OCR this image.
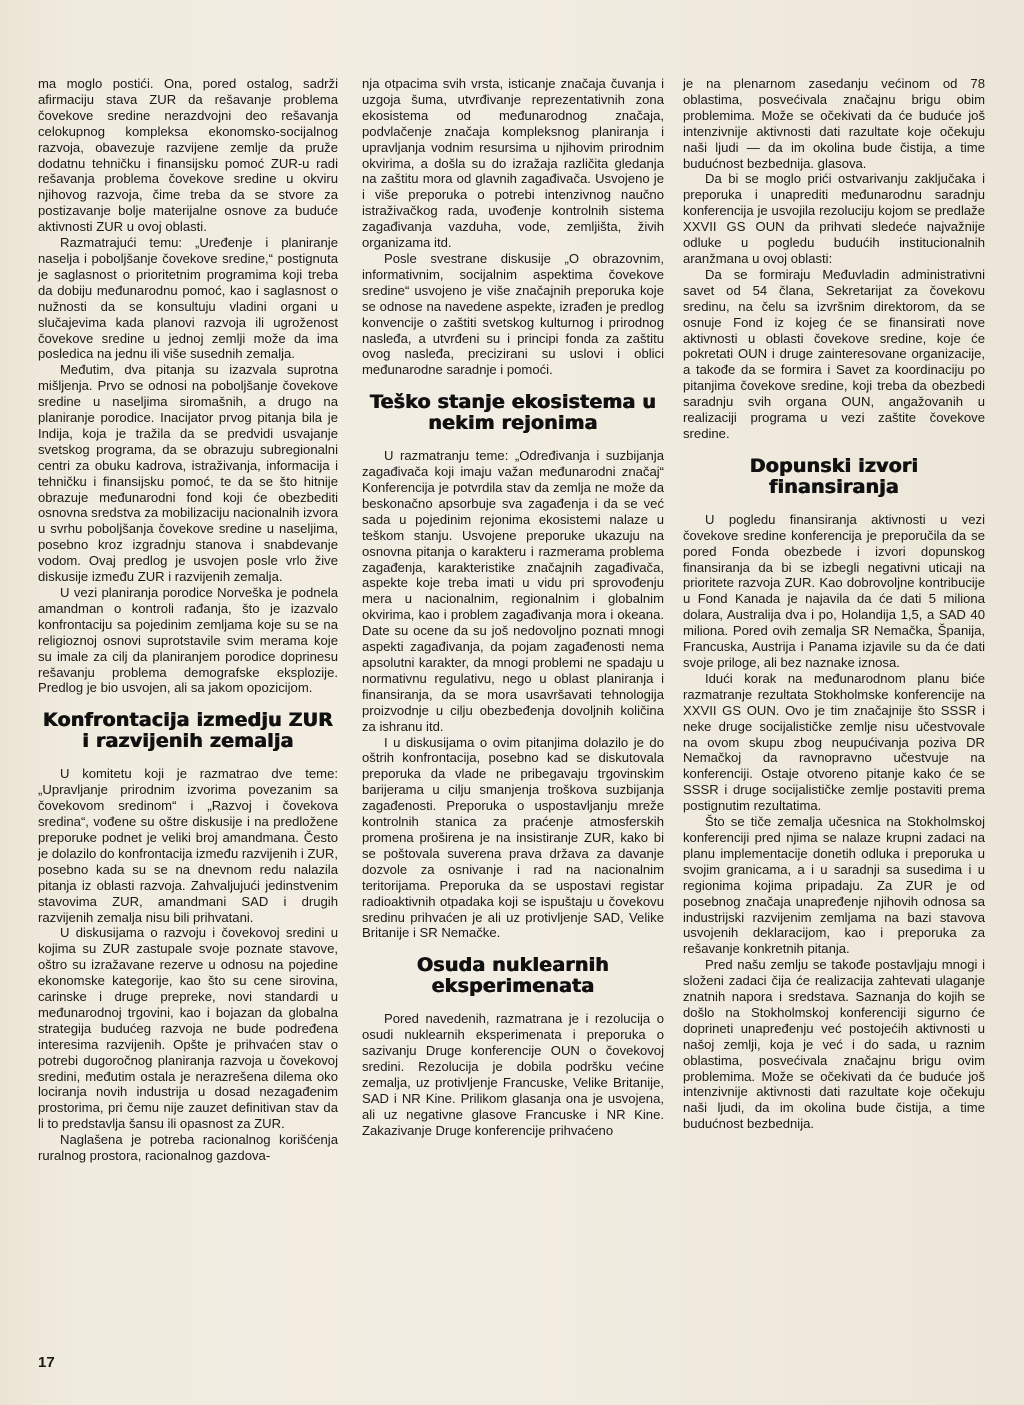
ma moglo postići. Ona, pored ostalog, sadrži afirmaciju stava ZUR da rešavanje problema čovekove sredine nerazdvojni deo rešavanja celokupnog kompleksa ekonomsko-socijalnog razvoja, obavezuje razvijene zemlje da pruže dodatnu tehničku i finansijsku pomoć ZUR-u radi rešavanja problema čovekove sredine u okviru njihovog razvoja, čime treba da se stvore za postizavanje bolje materijalne osnove za buduće aktivnosti ZUR u ovoj oblasti.

Razmatrajući temu: „Uređenje i planiranje naselja i poboljšanje čovekove sredine,“ postignuta je saglasnost o prioritetnim programima koji treba da dobiju međunarodnu pomoć, kao i saglasnost o nužnosti da se konsultuju vladini organi u slučajevima kada planovi razvoja ili ugroženost čovekove sredine u jednoj zemlji može da ima posledica na jednu ili više susednih zemalja.

Međutim, dva pitanja su izazvala suprotna mišljenja. Prvo se odnosi na poboljšanje čovekove sredine u naseljima siromašnih, a drugo na planiranje porodice. Inacijator prvog pitanja bila je Indija, koja je tražila da se predvidi usvajanje svetskog programa, da se obrazuju subregionalni centri za obuku kadrova, istraživanja, informacija i tehničku i finansijsku pomoć, te da se što hitnije obrazuje međunarodni fond koji će obezbediti osnovna sredstva za mobilizaciju nacionalnih izvora u svrhu poboljšanja čovekove sredine u naseljima, posebno kroz izgradnju stanova i snabdevanje vodom. Ovaj predlog je usvojen posle vrlo žive diskusije između ZUR i razvijenih zemalja.

U vezi planiranja porodice Norveška je podnela amandman o kontroli rađanja, što je izazvalo konfrontaciju sa pojedinim zemljama koje su se na religioznoj osnovi suprotstavile svim merama koje su imale za cilj da planiranjem porodice doprinesu rešavanju problema demografske eksplozije. Predlog je bio usvojen, ali sa jakom opozicijom.

Konfrontacija izmedju ZUR i razvijenih zemalja

U komitetu koji je razmatrao dve teme: „Upravljanje prirodnim izvorima povezanim sa čovekovom sredinom“ i „Razvoj i čovekova sredina“, vođene su oštre diskusije i na predložene preporuke podnet je veliki broj amandmana. Često je dolazilo do konfrontacija između razvijenih i ZUR, posebno kada su se na dnevnom redu nalazila pitanja iz oblasti razvoja. Zahvaljujući jedinstvenim stavovima ZUR, amandmani SAD i drugih razvijenih zemalja nisu bili prihvatani.

U diskusijama o razvoju i čovekovoj sredini u kojima su ZUR zastupale svoje poznate stavove, oštro su izražavane rezerve u odnosu na pojedine ekonomske kategorije, kao što su cene sirovina, carinske i druge prepreke, novi standardi u međunarodnoj trgovini, kao i bojazan da globalna strategija budućeg razvoja ne bude podređena interesima razvijenih. Opšte je prihvaćen stav o potrebi dugoročnog planiranja razvoja u čovekovoj sredini, međutim ostala je nerazrešena dilema oko lociranja novih industrija u dosad nezagađenim prostorima, pri čemu nije zauzet definitivan stav da li to predstavlja šansu ili opasnost za ZUR.

Naglašena je potreba racionalnog korišćenja ruralnog prostora, racionalnog gazdova-

nja otpacima svih vrsta, isticanje značaja čuvanja i uzgoja šuma, utvrđivanje reprezentativnih zona ekosistema od međunarodnog značaja, podvlačenje značaja kompleksnog planiranja i upravljanja vodnim resursima u njihovim prirodnim okvirima, a došla su do izražaja različita gledanja na zaštitu mora od glavnih zagađivača. Usvojeno je i više preporuka o potrebi intenzivnog naučno istraživačkog rada, uvođenje kontrolnih sistema zagađivanja vazduha, vode, zemljišta, živih organizama itd.

Posle svestrane diskusije „O obrazovnim, informativnim, socijalnim aspektima čovekove sredine“ usvojeno je više značajnih preporuka koje se odnose na navedene aspekte, izrađen je predlog konvencije o zaštiti svetskog kulturnog i prirodnog nasleđa, a utvrđeni su i principi fonda za zaštitu ovog nasleđa, precizirani su uslovi i oblici međunarodne saradnje i pomoći.

Teško stanje ekosistema u nekim rejonima

U razmatranju teme: „Određivanja i suzbijanja zagađivača koji imaju važan međunarodni značaj“ Konferencija je potvrdila stav da zemlja ne može da beskonačno apsorbuje sva zagađenja i da se već sada u pojedinim rejonima ekosistemi nalaze u teškom stanju. Usvojene preporuke ukazuju na osnovna pitanja o karakteru i razmerama problema zagađenja, karakteristike značajnih zagađivača, aspekte koje treba imati u vidu pri sprovođenju mera u nacionalnim, regionalnim i globalnim okvirima, kao i problem zagađivanja mora i okeana. Date su ocene da su još nedovoljno poznati mnogi aspekti zagađivanja, da pojam zagađenosti nema apsolutni karakter, da mnogi problemi ne spadaju u normativnu regulativu, nego u oblast planiranja i finansiranja, da se mora usavršavati tehnologija proizvodnje u cilju obezbeđenja dovoljnih količina za ishranu itd.

I u diskusijama o ovim pitanjima dolazilo je do oštrih konfrontacija, posebno kad se diskutovala preporuka da vlade ne pribegavaju trgovinskim barijerama u cilju smanjenja troškova suzbijanja zagađenosti. Preporuka o uspostavljanju mreže kontrolnih stanica za praćenje atmosferskih promena proširena je na insistiranje ZUR, kako bi se poštovala suverena prava država za davanje dozvole za osnivanje i rad na nacionalnim teritorijama. Preporuka da se uspostavi registar radioaktivnih otpadaka koji se ispuštaju u čovekovu sredinu prihvaćen je ali uz protivljenje SAD, Velike Britanije i SR Nemačke.

Osuda nuklearnih eksperimenata

Pored navedenih, razmatrana je i rezolucija o osudi nuklearnih eksperimenata i preporuka o sazivanju Druge konferencije OUN o čovekovoj sredini. Rezolucija je dobila podršku većine zemalja, uz protivljenje Francuske, Velike Britanije, SAD i NR Kine. Prilikom glasanja ona je usvojena, ali uz negativne glasove Francuske i NR Kine. Zakazivanje Druge konferencije prihvaćeno

je na plenarnom zasedanju većinom od 78 oblastima, posvećivala značajnu brigu obim problemima. Može se očekivati da će buduće još intenzivnije aktivnosti dati razultate koje očekuju naši ljudi — da im okolina bude čistija, a time budućnost bezbednija. glasova.

Da bi se moglo prići ostvarivanju zaključaka i preporuka i unaprediti međunarodnu saradnju konferencija je usvojila rezoluciju kojom se predlaže XXVII GS OUN da prihvati sledeće najvažnije odluke u pogledu budućih institucionalnih aranžmana u ovoj oblasti:

Da se formiraju Međuvladin administrativni savet od 54 člana, Sekretarijat za čovekovu sredinu, na čelu sa izvršnim direktorom, da se osnuje Fond iz kojeg će se finansirati nove aktivnosti u oblasti čovekove sredine, koje će pokretati OUN i druge zainteresovane organizacije, a takođe da se formira i Savet za koordinaciju po pitanjima čovekove sredine, koji treba da obezbedi saradnju svih organa OUN, angažovanih u realizaciji programa u vezi zaštite čovekove sredine.

Dopunski izvori finansiranja

U pogledu finansiranja aktivnosti u vezi čovekove sredine konferencija je preporučila da se pored Fonda obezbede i izvori dopunskog finansiranja da bi se izbegli negativni uticaji na prioritete razvoja ZUR. Kao dobrovoljne kontribucije u Fond Kanada je najavila da će dati 5 miliona dolara, Australija dva i po, Holandija 1,5, a SAD 40 miliona. Pored ovih zemalja SR Nemačka, Španija, Francuska, Austrija i Panama izjavile su da će dati svoje priloge, ali bez naznake iznosa.

Idući korak na međunarodnom planu biće razmatranje rezultata Stokholmske konferencije na XXVII GS OUN. Ovo je tim značajnije što SSSR i neke druge socijalističke zemlje nisu učestvovale na ovom skupu zbog neupućivanja poziva DR Nemačkoj da ravnopravno učestvuje na konferenciji. Ostaje otvoreno pitanje kako će se SSSR i druge socijalističke zemlje postaviti prema postignutim rezultatima.

Što se tiče zemalja učesnica na Stokholmskoj konferenciji pred njima se nalaze krupni zadaci na planu implementacije donetih odluka i preporuka u svojim granicama, a i u saradnji sa susedima i u regionima kojima pripadaju. Za ZUR je od posebnog značaja unapređenje njihovih odnosa sa industrijski razvijenim zemljama na bazi stavova usvojenih deklaracijom, kao i preporuka za rešavanje konkretnih pitanja.

Pred našu zemlju se takođe postavljaju mnogi i složeni zadaci čija će realizacija zahtevati ulaganje znatnih napora i sredstava. Saznanja do kojih se došlo na Stokholmskoj konferenciji sigurno će doprineti unapređenju već postojećih aktivnosti u našoj zemlji, koja je već i do sada, u raznim oblastima, posvećivala značajnu brigu ovim problemima. Može se očekivati da će buduće još intenzivnije aktivnosti dati razultate koje očekuju naši ljudi, da im okolina bude čistija, a time budućnost bezbednija.

17
